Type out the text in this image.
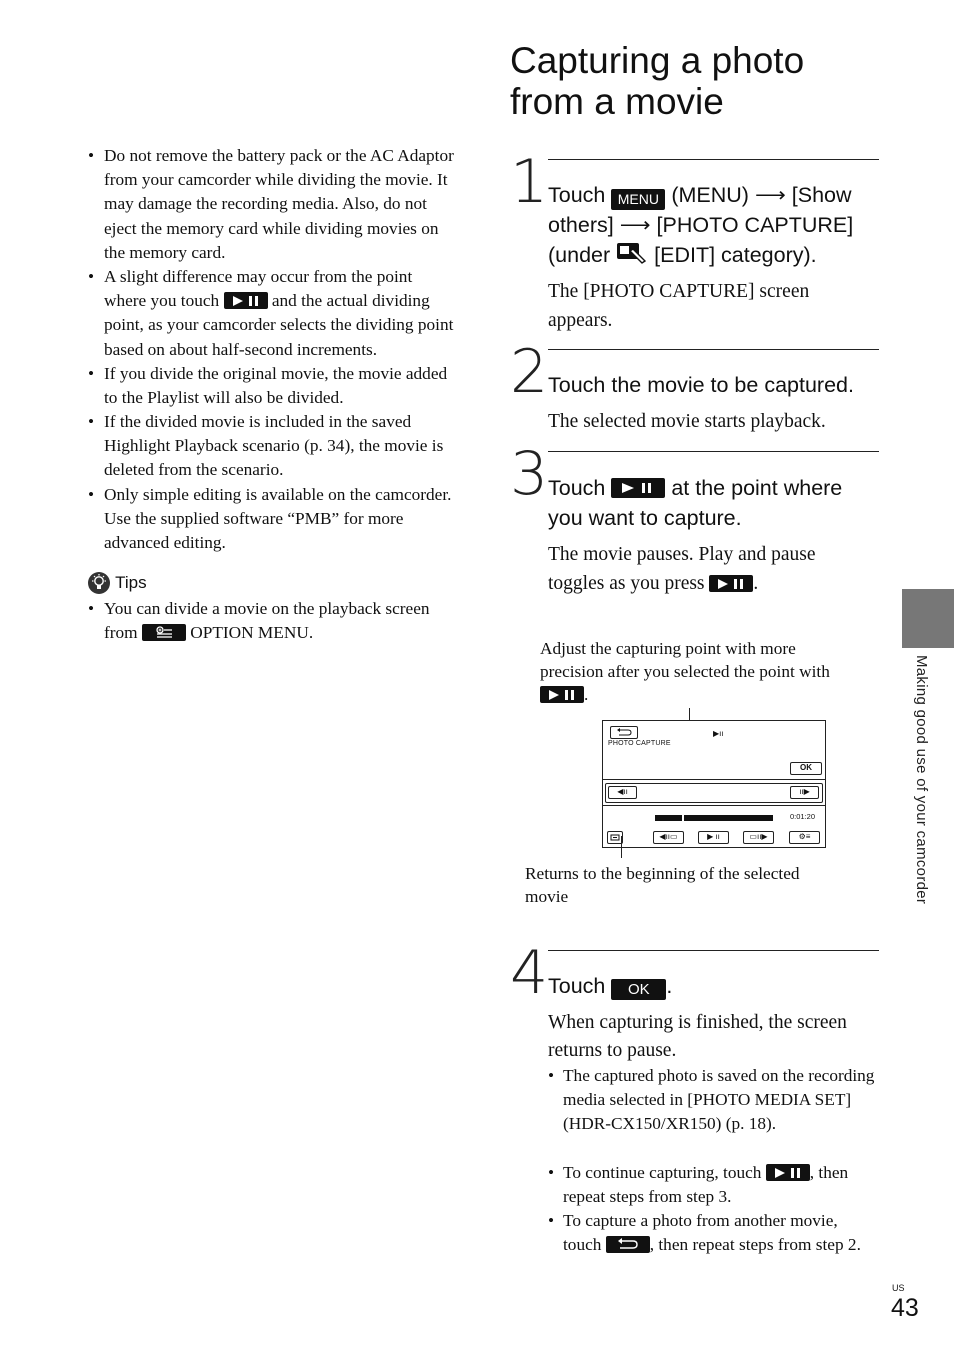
Capturing a photo
from a movie
• Do not remove the battery pack or the AC Adaptor from your camcorder while dividing the movie. It may damage the recording media. Also, do not eject the memory card while dividing movies on the memory card.
• A slight difference may occur from the point where you touch	and the actual dividing point, as your camcorder selects the dividing point based on about half-second increments.
• If you divide the original movie, the movie added to the Playlist will also be divided.
• If the divided movie is included in the saved Highlight Playback scenario (p. 34), the movie is deleted from the scenario.
• Only simple editing is available on the camcorder. Use the supplied software “PMB” for more advanced editing.
Tips
• You can divide a movie on the playback screen from	OPTION MENU.
1 Touch MENU (MENU) ⟶ [Show
others] ⟶ [PHOTO CAPTURE]
(under [EDIT] category).
The [PHOTO CAPTURE] screen appears.
2 Touch the movie to be captured.
The selected movie starts playback.
3 Touch	at the point where
you want to capture.
The movie pauses. Play and pause
toggles as you press	.
Adjust the capturing point with more
precision after you selected the point with
.
PHOTO CAPTURE
▶︎ıı
OK
◀ıı	ıı▶
0:01:20
◀ıı▭	▶ ıı	▭ıı▶	⚙≡
Returns to the beginning of the selected
movie
4 Touch OK .
When capturing is finished, the screen
returns to pause.
• The captured photo is saved on the recording media selected in [PHOTO MEDIA SET] (HDR-CX150/XR150) (p. 18).
• To continue capturing, touch	, then repeat steps from step 3.
• To capture a photo from another movie, touch	, then repeat steps from step 2.
Making good use of your camcorder
US
43
